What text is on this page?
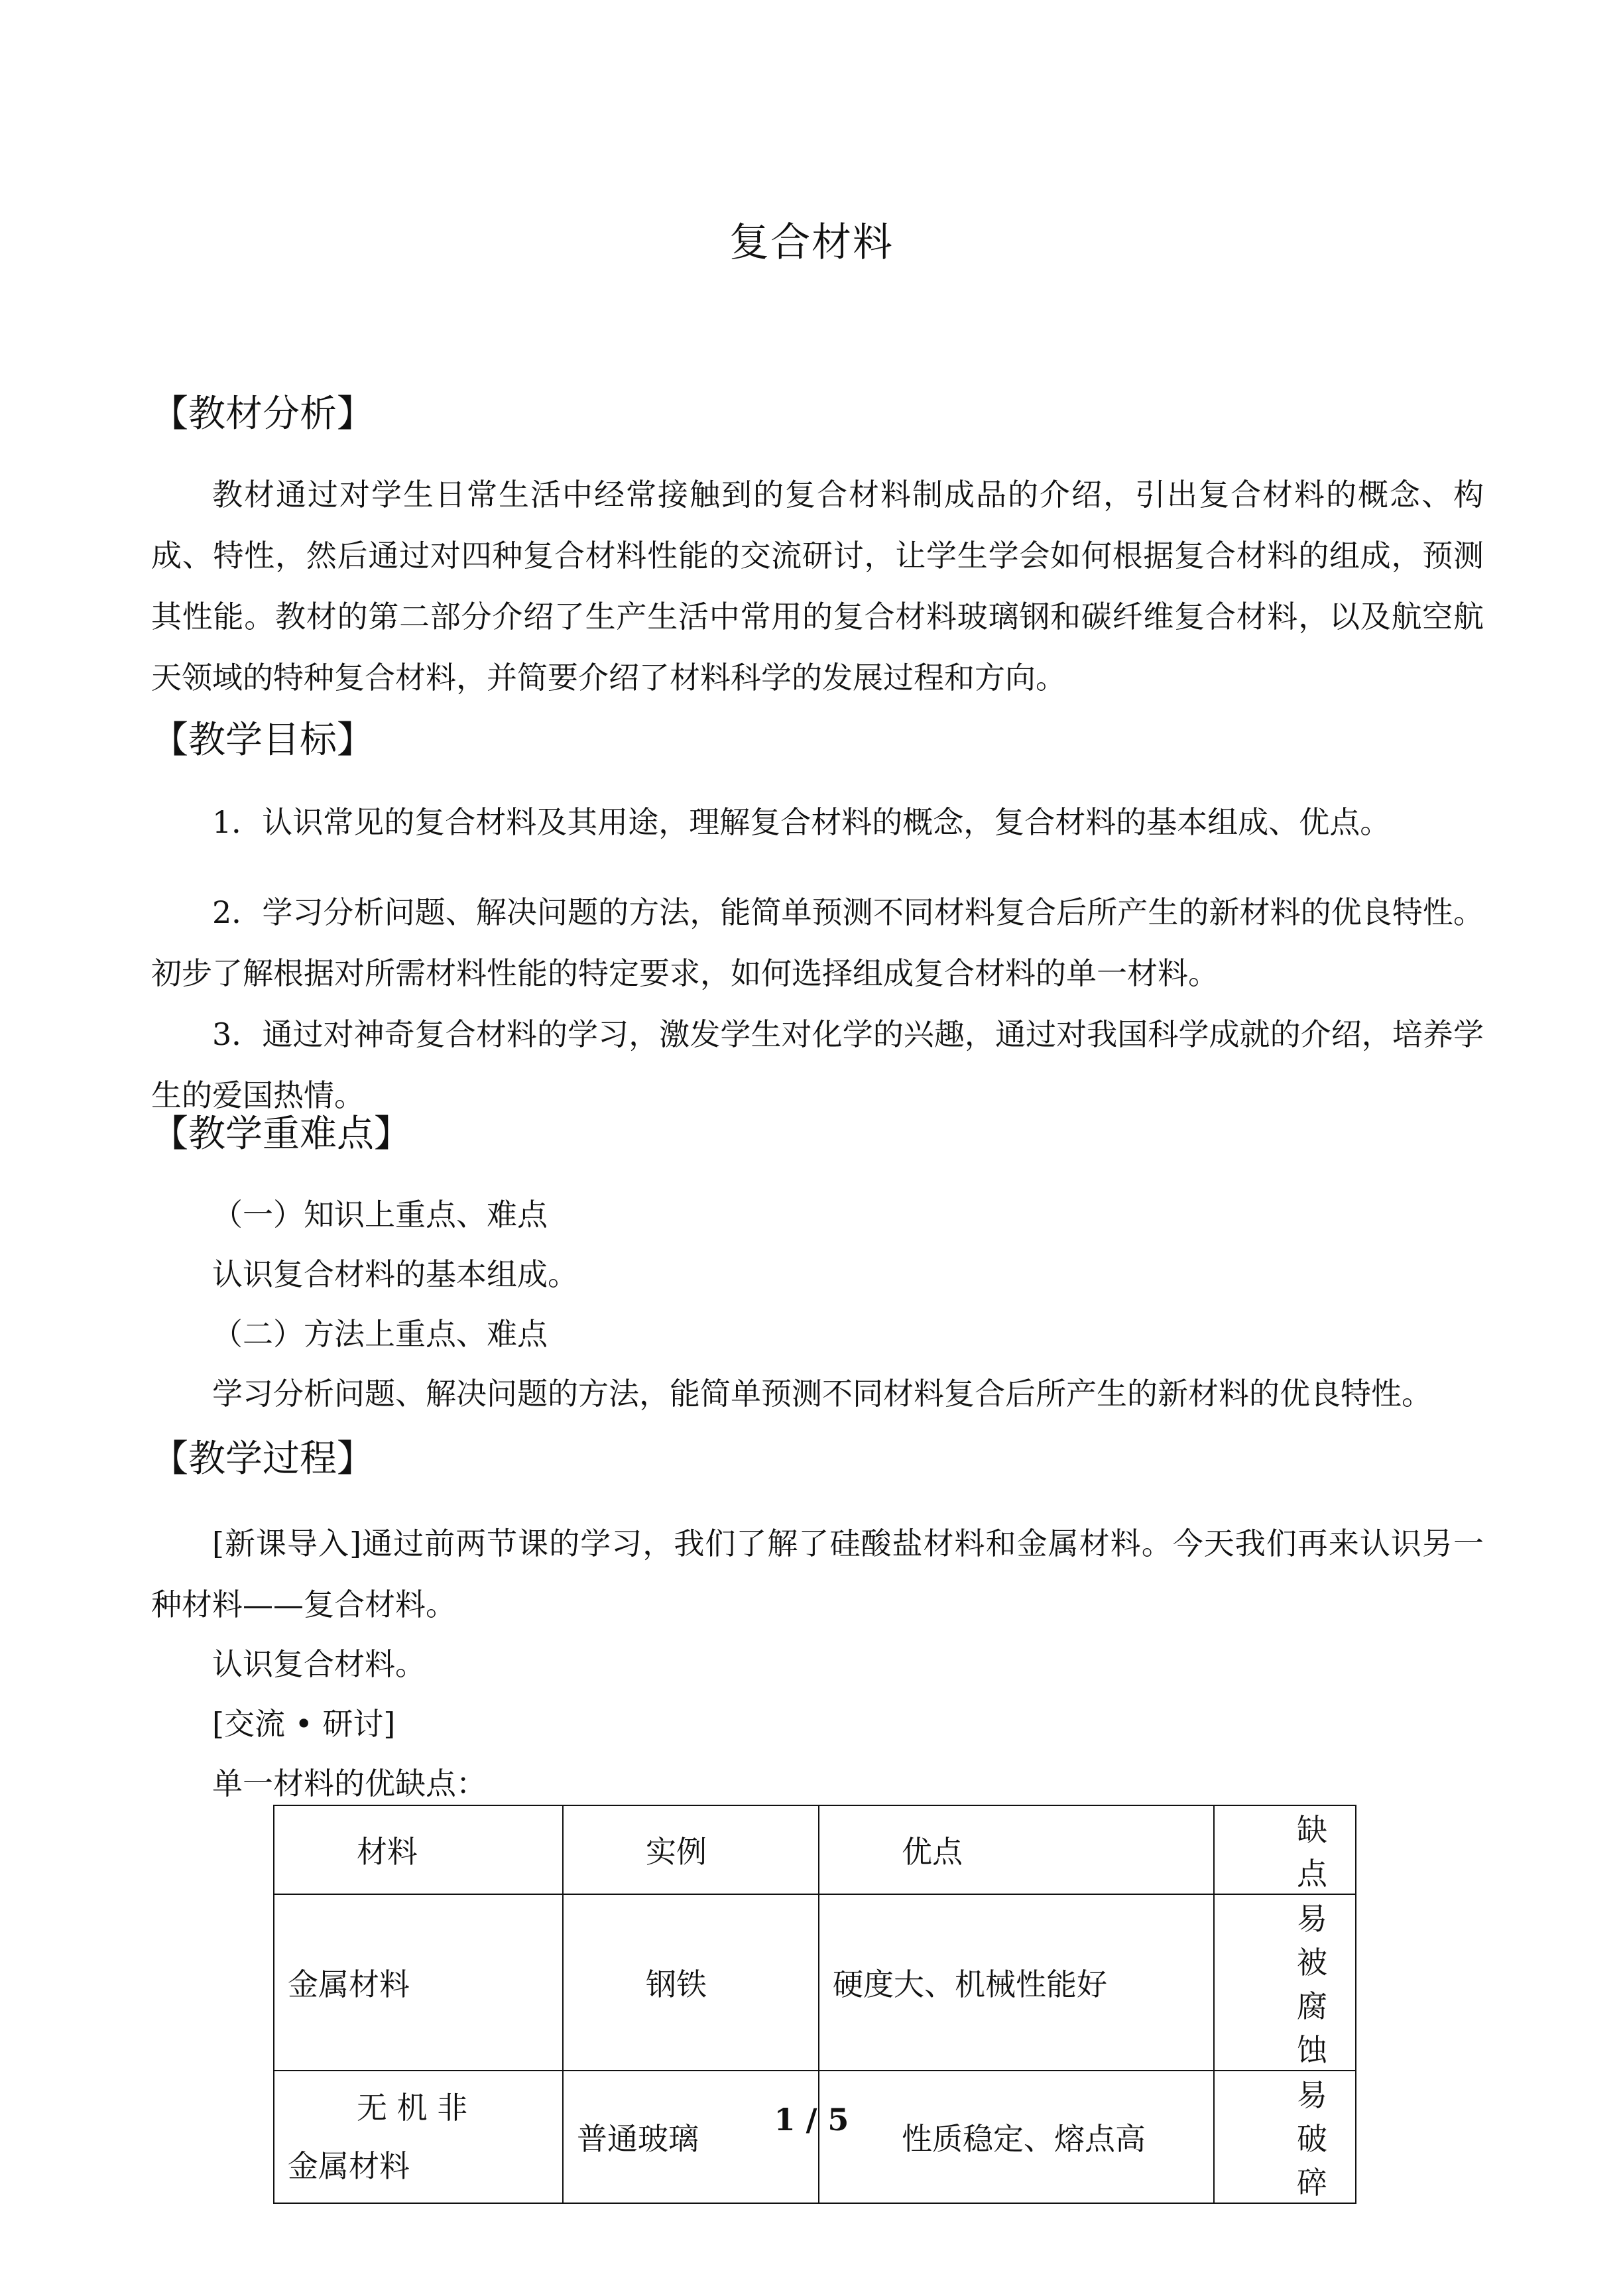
复合材料
【教材分析】
教材通过对学生日常生活中经常接触到的复合材料制成品的介绍，引出复合材料的概念、构成、特性，然后通过对四种复合材料性能的交流研讨，让学生学会如何根据复合材料的组成，预测其性能。教材的第二部分介绍了生产生活中常用的复合材料玻璃钢和碳纤维复合材料，以及航空航天领域的特种复合材料，并简要介绍了材料科学的发展过程和方向。
【教学目标】
1．认识常见的复合材料及其用途，理解复合材料的概念，复合材料的基本组成、优点。
2．学习分析问题、解决问题的方法，能简单预测不同材料复合后所产生的新材料的优良特性。初步了解根据对所需材料性能的特定要求，如何选择组成复合材料的单一材料。
3．通过对神奇复合材料的学习，激发学生对化学的兴趣，通过对我国科学成就的介绍，培养学生的爱国热情。
【教学重难点】
（一）知识上重点、难点
认识复合材料的基本组成。
（二）方法上重点、难点
学习分析问题、解决问题的方法，能简单预测不同材料复合后所产生的新材料的优良特性。
【教学过程】
[新课导入]通过前两节课的学习，我们了解了硅酸盐材料和金属材料。今天我们再来认识另一种材料——复合材料。
认识复合材料。
[交流 • 研讨]
单一材料的优缺点：
材料	实例	优点	缺点
金属材料	钢铁	硬度大、机械性能好	易被腐蚀

无 机 非
金属材料	普通玻璃	性质稳定、熔点高	易破碎
1 / 5
